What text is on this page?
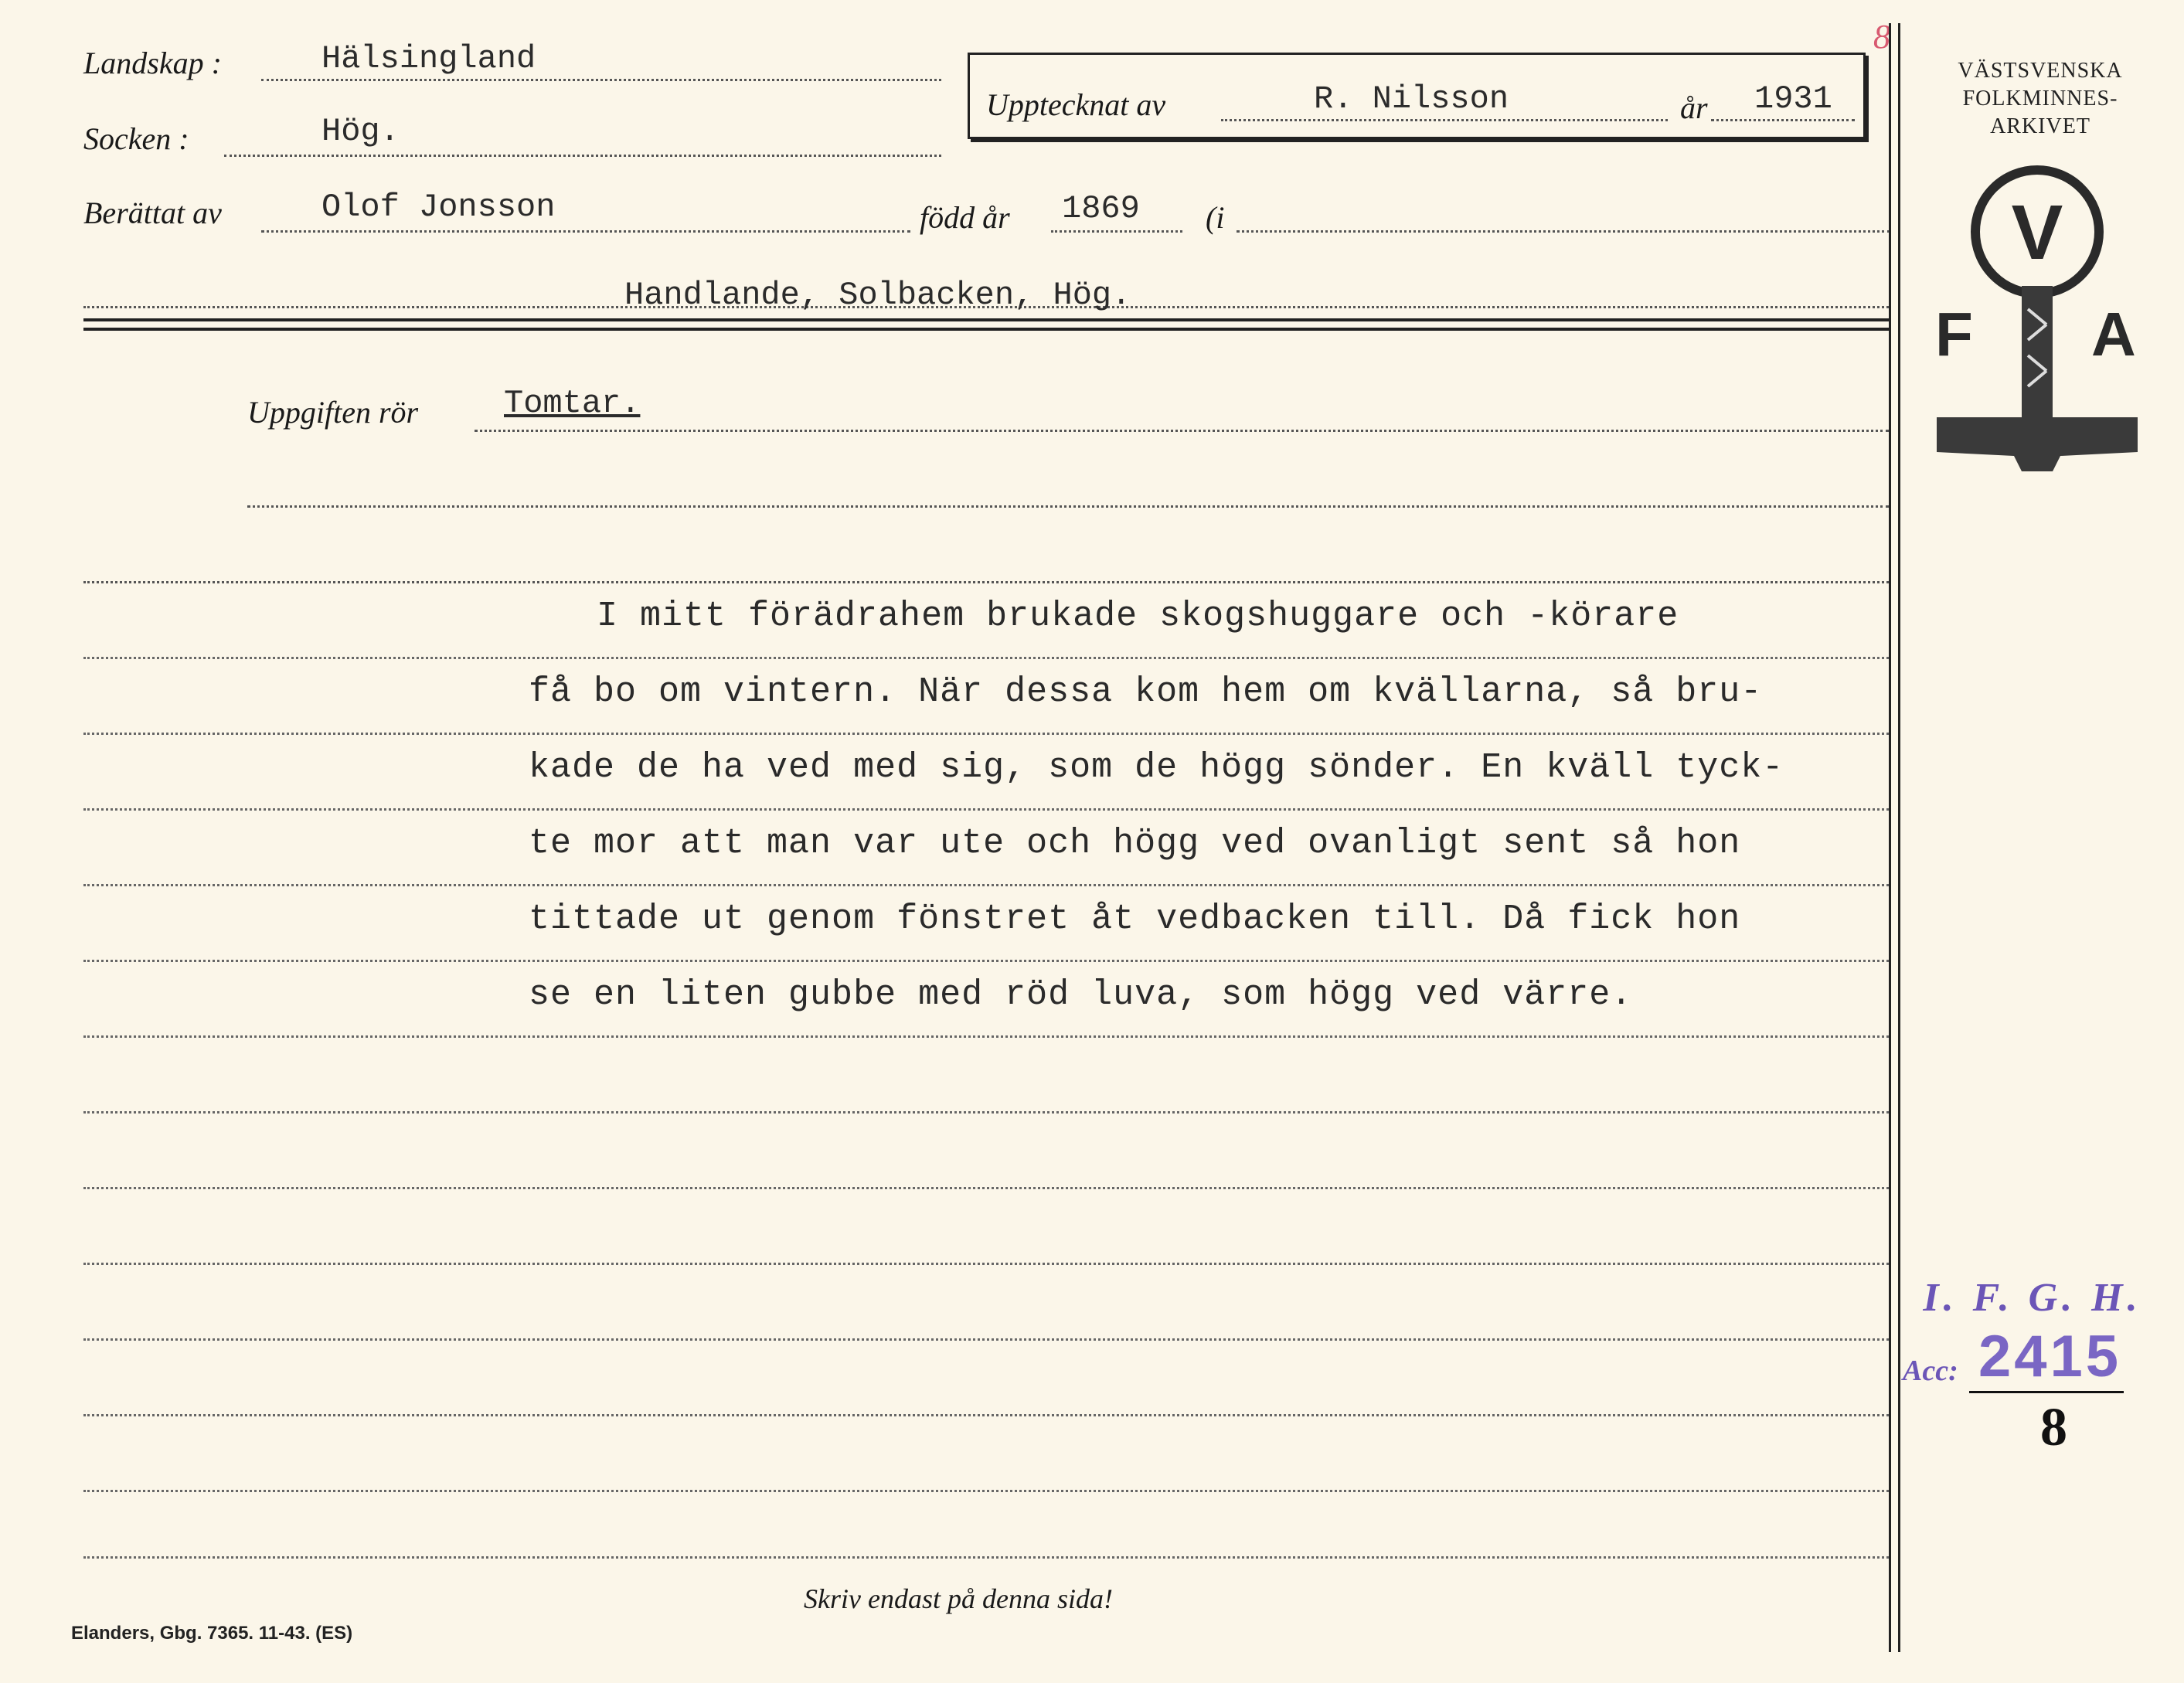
8
Landskap :	Hälsingland
Socken :	Hög.
Upptecknat av	R. Nilsson	år 1931
Berättat av	Olof Jonsson	född år 1869 (i
Handlande, Solbacken, Hög.
Uppgiften rör	Tomtar.
I mitt förädrahem brukade skogshuggare och -körare
få bo om vintern. När dessa kom hem om kvällarna, så bru-
kade de ha ved med sig, som de högg sönder. En kväll tyck-
te mor att man var ute och högg ved ovanligt sent så hon
tittade ut genom fönstret åt vedbacken till. Då fick hon
se en liten gubbe med röd luva, som högg ved värre.
VÄSTSVENSKA
FOLKMINNES-
ARKIVET
V
F A
I. F. G. H.
Acc: 2415
8
Skriv endast på denna sida!
Elanders, Gbg. 7365. 11-43. (ES)
